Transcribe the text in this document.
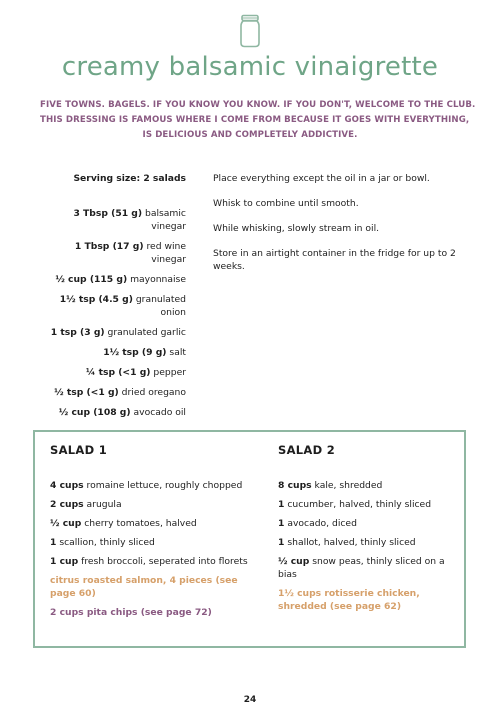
creamy balsamic vinaigrette
FIVE TOWNS. BAGELS. IF YOU KNOW YOU KNOW. IF YOU DON'T, WELCOME TO THE CLUB.
THIS DRESSING IS FAMOUS WHERE I COME FROM BECAUSE IT GOES WITH EVERYTHING,
IS DELICIOUS AND COMPLETELY ADDICTIVE.
Serving size: 2 salads
3 Tbsp (51 g) balsamic vinegar
1 Tbsp (17 g) red wine vinegar
½ cup (115 g) mayonnaise
1½ tsp (4.5 g) granulated onion
1 tsp (3 g) granulated garlic
1½ tsp (9 g) salt
¼ tsp (<1 g) pepper
½ tsp (<1 g) dried oregano
½ cup (108 g) avocado oil

Place everything except the oil in a jar or bowl.

Whisk to combine until smooth.

While whisking, slowly stream in oil.

Store in an airtight container in the fridge for up to 2 weeks.

SALAD 1
4 cups romaine lettuce, roughly chopped
2 cups arugula
½ cup cherry tomatoes, halved
1 scallion, thinly sliced
1 cup fresh broccoli, seperated into florets
citrus roasted salmon, 4 pieces (see page 60)
2 cups pita chips (see page 72)
SALAD 2
8 cups kale, shredded
1 cucumber, halved, thinly sliced
1 avocado, diced
1 shallot, halved, thinly sliced
½ cup snow peas, thinly sliced on a bias
1½ cups rotisserie chicken, shredded (see page 62)
24
